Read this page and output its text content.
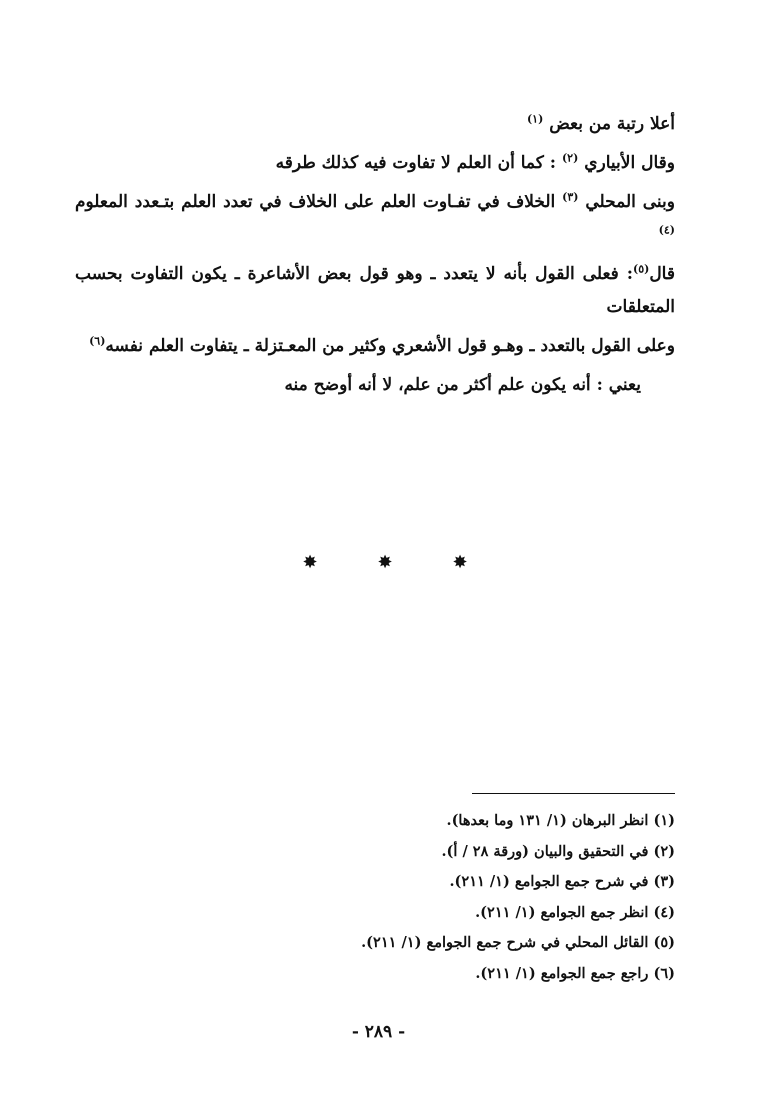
أعلا رتبة من بعض $^{(١)}$

وقال الأبياري $^{(٢)}$ : كما أن العلم لا تفاوت فيه كذلك طرقه

وبنى المحلي $^{(٣)}$ الخلاف في تفـاوت العلم على الخلاف في تعدد العلم بتـعدد المعلوم $^{(٤)}$

قال$^{(٥)}$: فعلى القول بأنه لا يتعدد ـ وهو قول بعض الأشاعرة ـ يكون التفاوت بحسب المتعلقات

وعلى القول بالتعدد ـ وهـو قول الأشعري وكثير من المعـتزلة ـ يتفاوت العلم نفسه$^{(٦)}$

  يعني : أنه يكون علم أكثر من علم، لا أنه أوضح منه

✸	✸	✸
(١) انظر البرهان (١/ ١٣١ وما بعدها).
(٢) في التحقيق والبيان (ورقة ٢٨ / أ).
(٣) في شرح جمع الجوامع (١/ ٢١١).
(٤) انظر جمع الجوامع (١/ ٢١١).
(٥) القائل المحلي في شرح جمع الجوامع (١/ ٢١١).
(٦) راجع جمع الجوامع (١/ ٢١١).
- ٢٨٩ -
